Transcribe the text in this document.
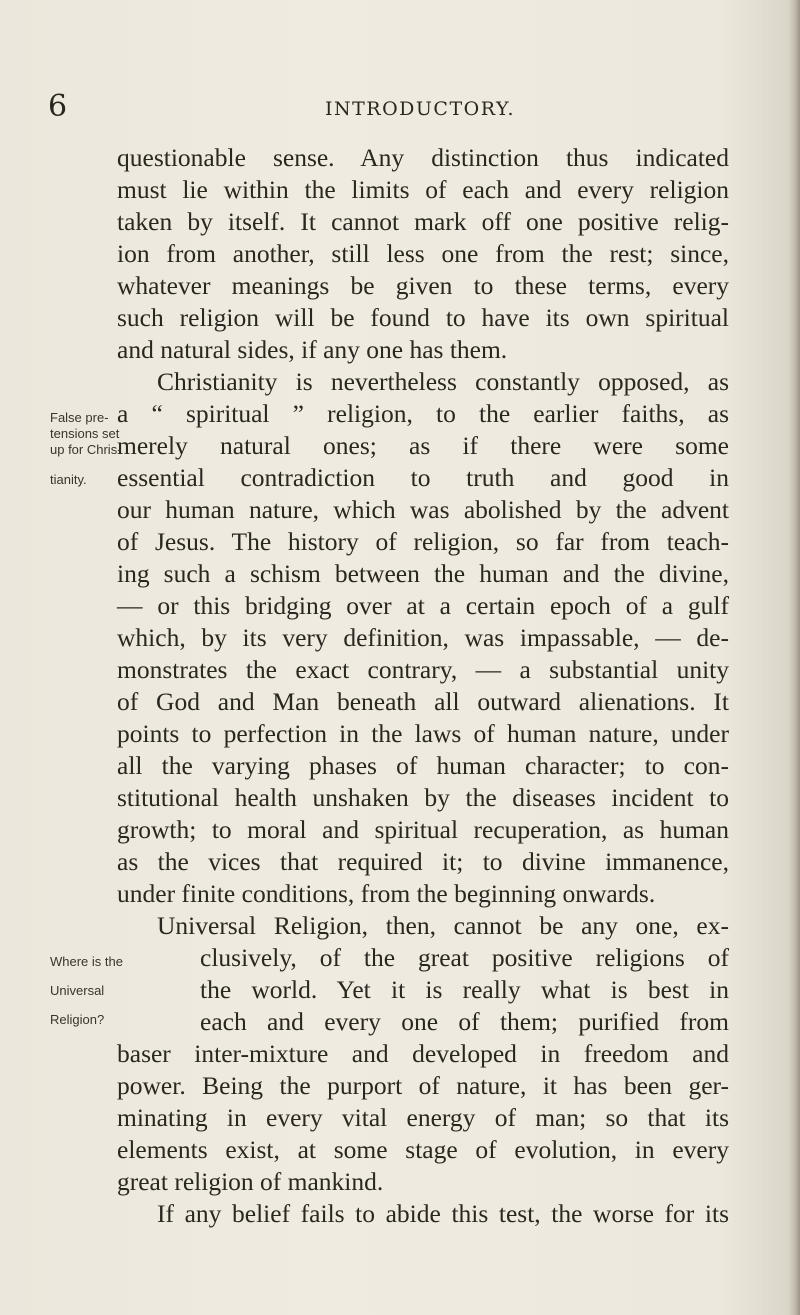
6	INTRODUCTORY.
questionable sense. Any distinction thus indicated
must lie within the limits of each and every religion
taken by itself. It cannot mark off one positive relig-
ion from another, still less one from the rest; since,
whatever meanings be given to these terms, every
such religion will be found to have its own spiritual
and natural sides, if any one has them.
Christianity is nevertheless constantly opposed, as
a “ spiritual ” religion, to the earlier faiths, as
merely natural ones; as if there were some
essential contradiction to truth and good in
our human nature, which was abolished by the advent
of Jesus. The history of religion, so far from teach-
ing such a schism between the human and the divine,
— or this bridging over at a certain epoch of a gulf
which, by its very definition, was impassable, — de-
monstrates the exact contrary, — a substantial unity
of God and Man beneath all outward alienations. It
points to perfection in the laws of human nature, under
all the varying phases of human character; to con-
stitutional health unshaken by the diseases incident to
growth; to moral and spiritual recuperation, as human
as the vices that required it; to divine immanence,
under finite conditions, from the beginning onwards.
Universal Religion, then, cannot be any one, ex-
clusively, of the great positive religions of
the world. Yet it is really what is best in
each and every one of them; purified from
baser inter-mixture and developed in freedom and
power. Being the purport of nature, it has been ger-
minating in every vital energy of man; so that its
elements exist, at some stage of evolution, in every
great religion of mankind.
If any belief fails to abide this test, the worse for its
False pre-
tensions set
up for Chris-
tianity.
Where is the
Universal
Religion?
